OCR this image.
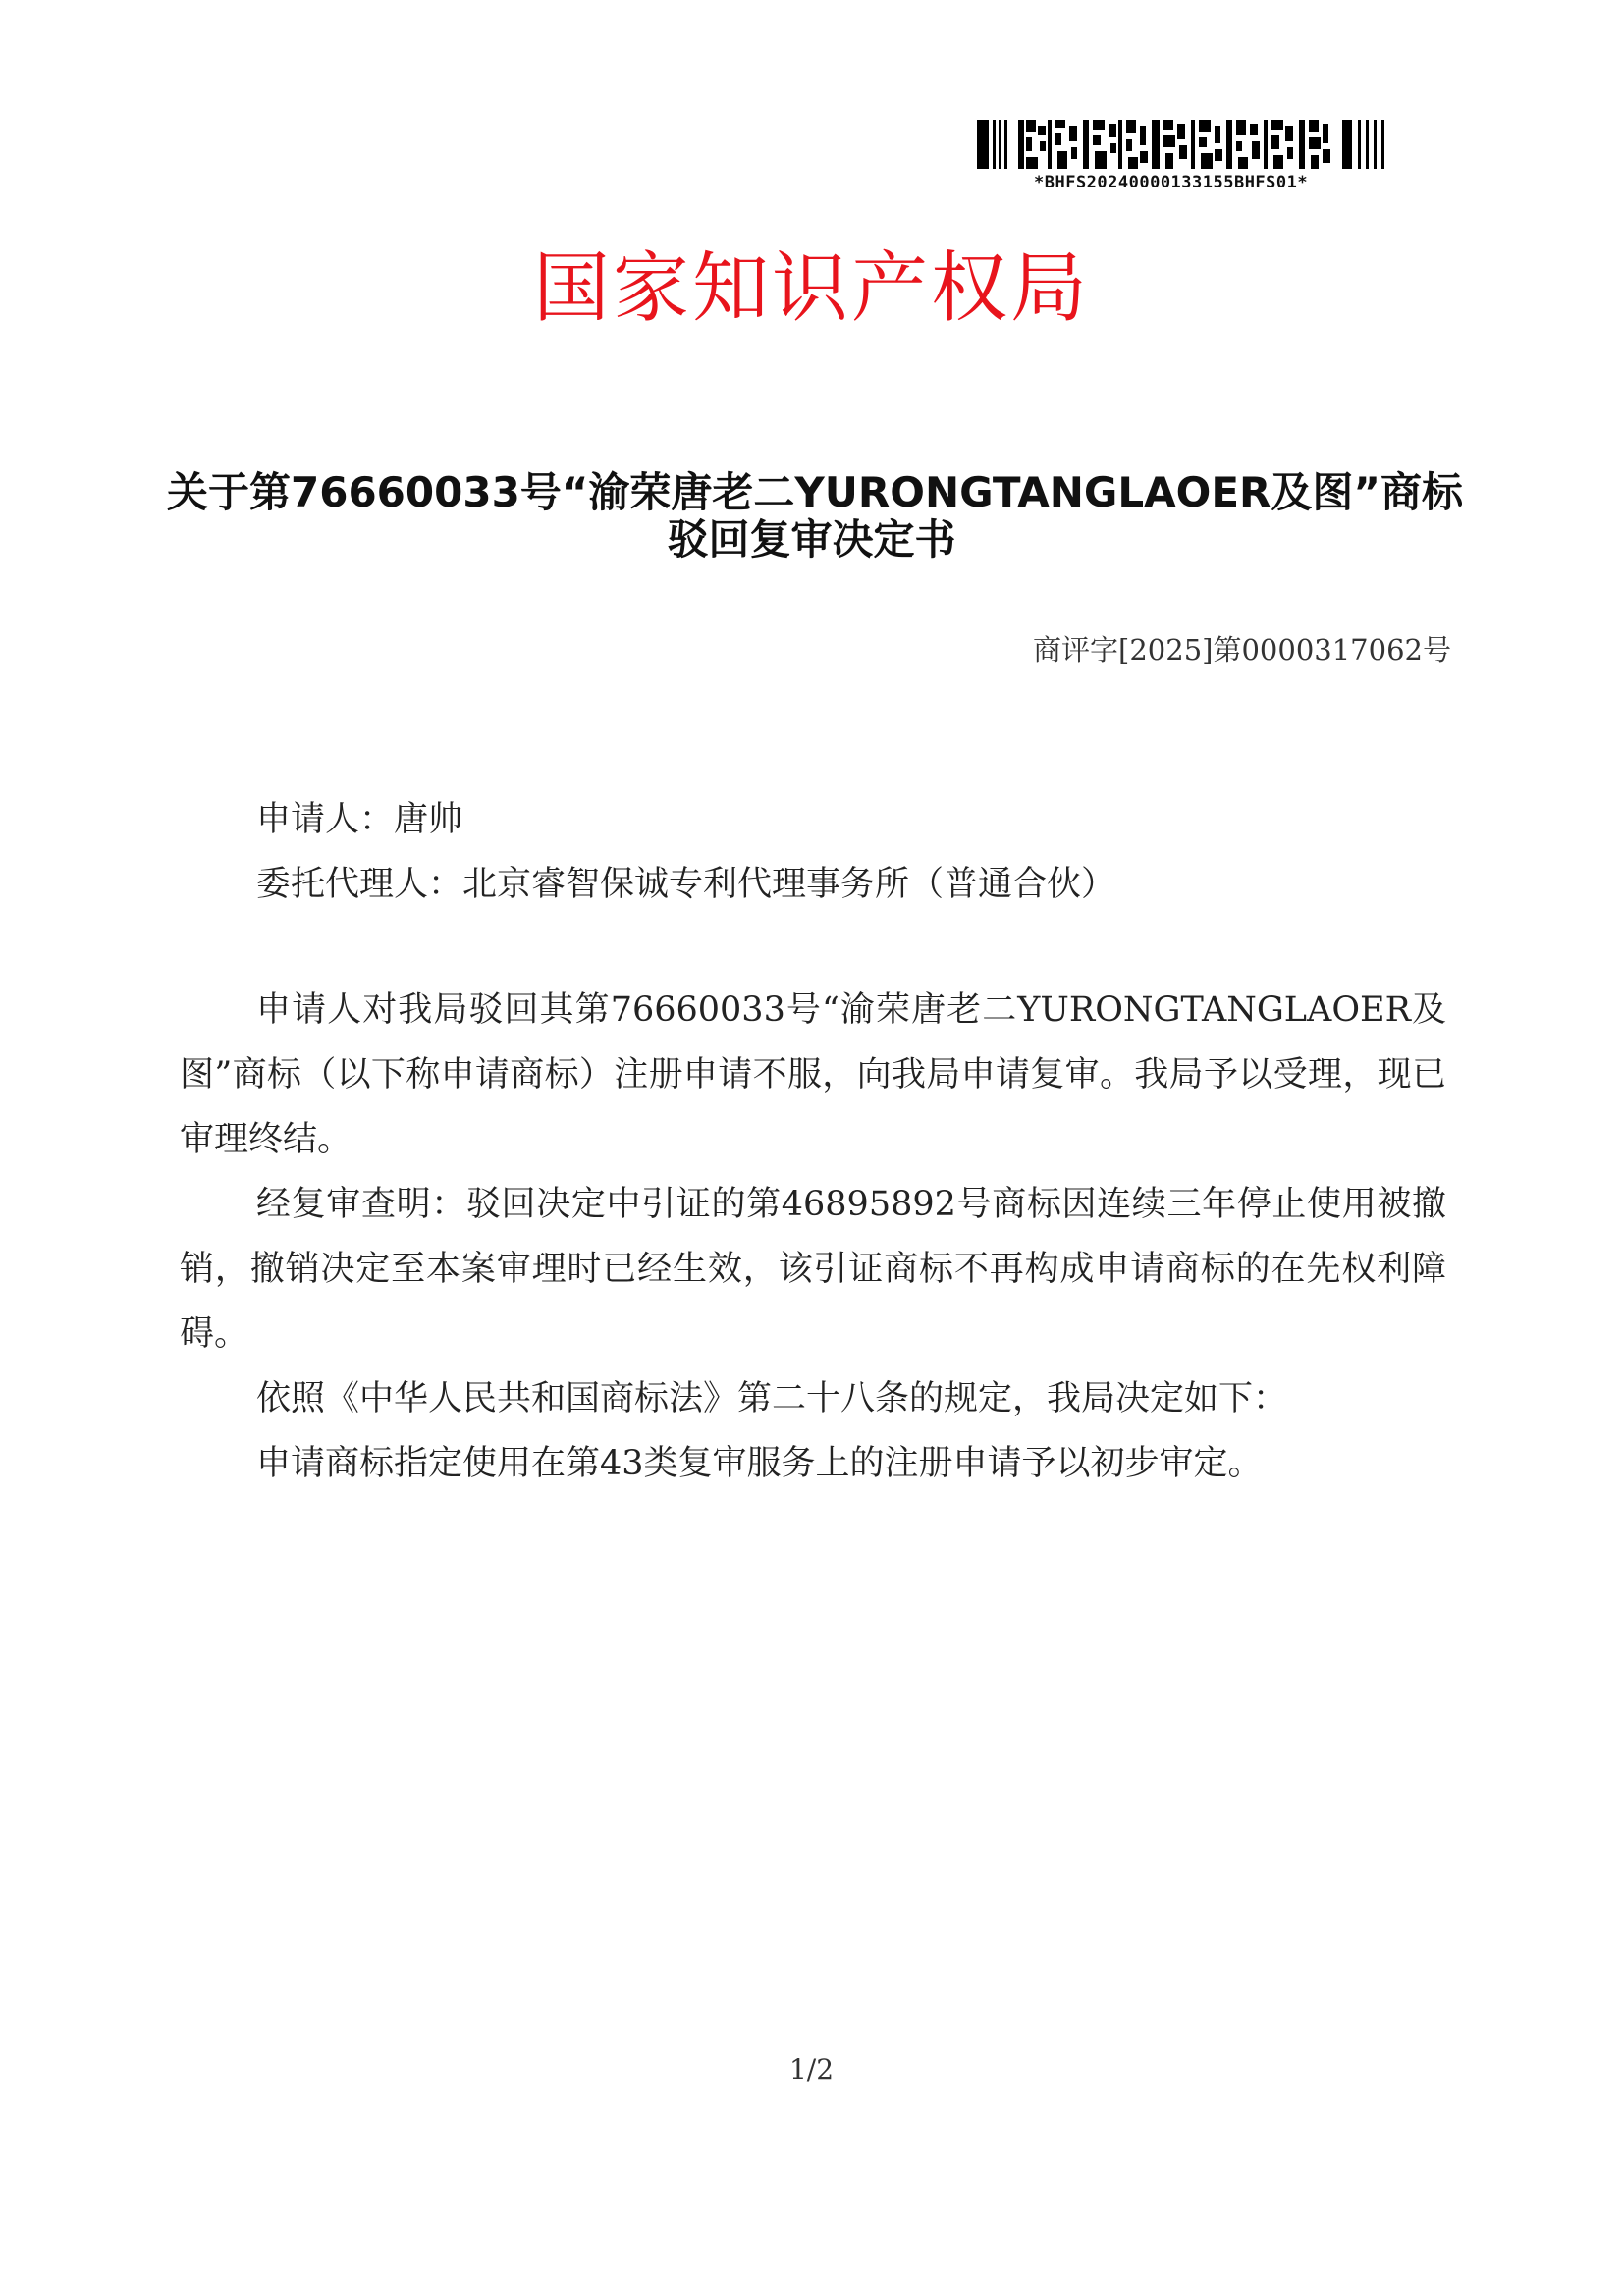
*BHFS20240000133155BHFS01*
国家知识产权局
关于第76660033号“渝荣唐老二YURONGTANGLAOER及图”商标
驳回复审决定书
商评字[2025]第0000317062号

申请人：唐帅

委托代理人：北京睿智保诚专利代理事务所（普通合伙）

申请人对我局驳回其第76660033号“渝荣唐老二YURONGTANGLAOER及图”商标（以下称申请商标）注册申请不服，向我局申请复审。我局予以受理，现已审理终结。

经复审查明：驳回决定中引证的第46895892号商标因连续三年停止使用被撤销，撤销决定至本案审理时已经生效，该引证商标不再构成申请商标的在先权利障碍。

依照《中华人民共和国商标法》第二十八条的规定，我局决定如下：

申请商标指定使用在第43类复审服务上的注册申请予以初步审定。

1/2
